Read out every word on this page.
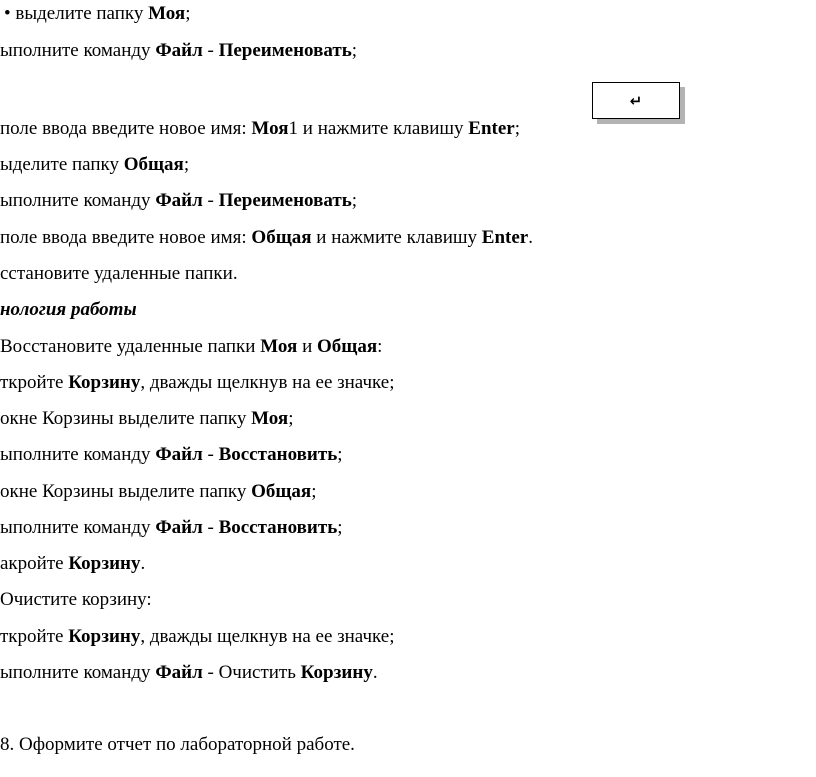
• выделите папку Моя;
ыполните команду Файл - Переименовать;
↵
поле ввода введите новое имя: Моя1 и нажмите клавишу Enter;
ыделите папку Общая;
ыполните команду Файл - Переименовать;
поле ввода введите новое имя: Общая и нажмите клавишу Enter.
сстановите удаленные папки.
нология работы
Восстановите удаленные папки Моя и Общая:
ткройте Корзину, дважды щелкнув на ее значке;
окне Корзины выделите папку Моя;
ыполните команду Файл - Восстановить;
окне Корзины выделите папку Общая;
ыполните команду Файл - Восстановить;
акройте Корзину.
Очистите корзину:
ткройте Корзину, дважды щелкнув на ее значке;
ыполните команду Файл - Очистить Корзину.
8. Оформите отчет по лабораторной работе.
